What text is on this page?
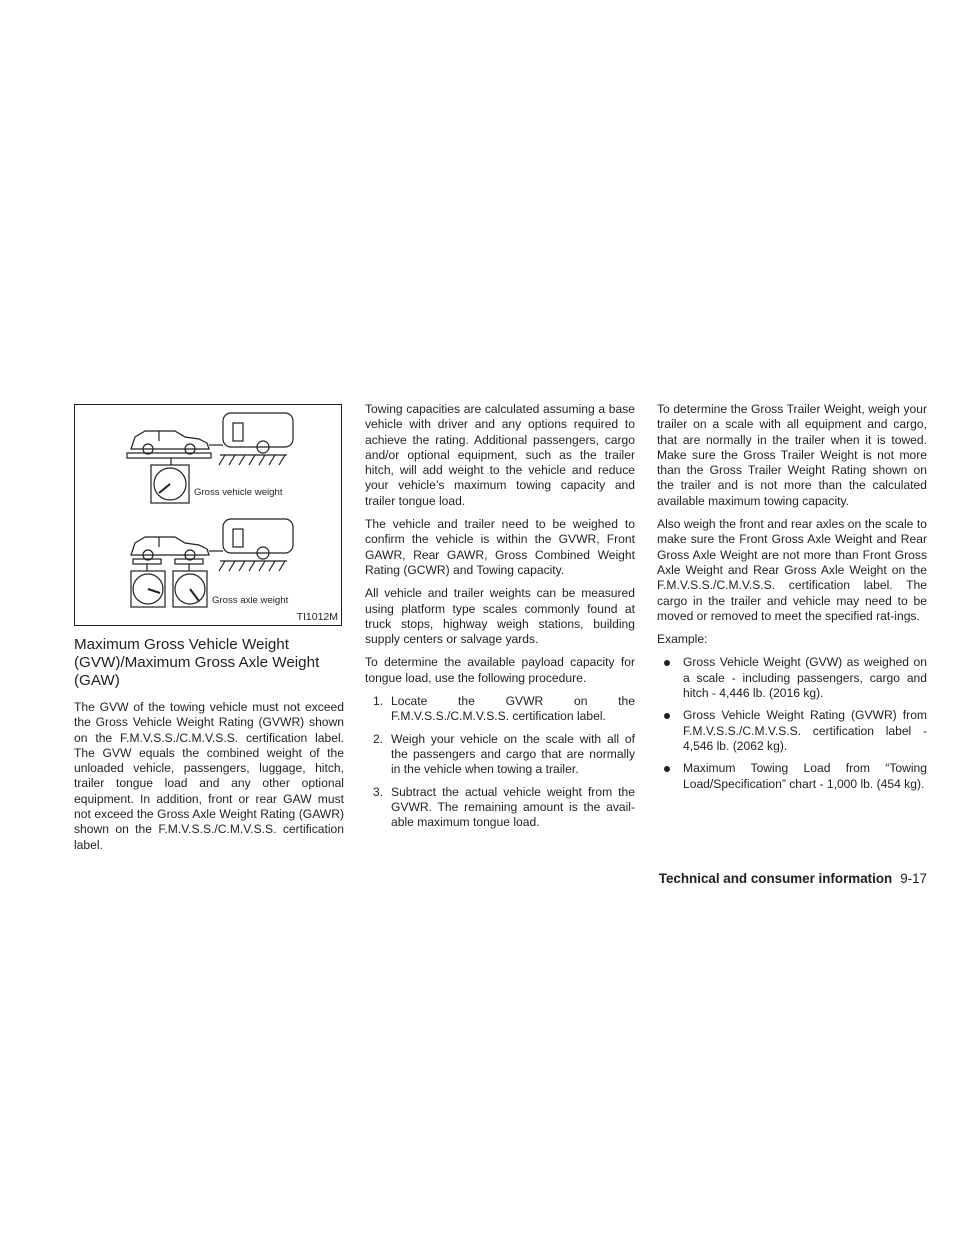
Gross vehicle weight
Gross axle weight
TI1012M
Maximum Gross Vehicle Weight (GVW)/Maximum Gross Axle Weight (GAW)

The GVW of the towing vehicle must not exceed the Gross Vehicle Weight Rating (GVWR) shown on the F.M.V.S.S./C.M.V.S.S. certification label. The GVW equals the combined weight of the unloaded vehicle, passengers, luggage, hitch, trailer tongue load and any other optional equipment. In addition, front or rear GAW must not exceed the Gross Axle Weight Rating (GAWR) shown on the F.M.V.S.S./C.M.V.S.S. certification label.

Towing capacities are calculated assuming a base vehicle with driver and any options required to achieve the rating. Additional passengers, cargo and/or optional equipment, such as the trailer hitch, will add weight to the vehicle and reduce your vehicle’s maximum towing capacity and trailer tongue load.

The vehicle and trailer need to be weighed to confirm the vehicle is within the GVWR, Front GAWR, Rear GAWR, Gross Combined Weight Rating (GCWR) and Towing capacity.

All vehicle and trailer weights can be measured using platform type scales commonly found at truck stops, highway weigh stations, building supply centers or salvage yards.

To determine the available payload capacity for tongue load, use the following procedure.

1. Locate the GVWR on the F.M.V.S.S./C.M.V.S.S. certification label.
2. Weigh your vehicle on the scale with all of the passengers and cargo that are normally in the vehicle when towing a trailer.
3. Subtract the actual vehicle weight from the GVWR. The remaining amount is the avail-able maximum tongue load.

To determine the Gross Trailer Weight, weigh your trailer on a scale with all equipment and cargo, that are normally in the trailer when it is towed. Make sure the Gross Trailer Weight is not more than the Gross Trailer Weight Rating shown on the trailer and is not more than the calculated available maximum towing capacity.

Also weigh the front and rear axles on the scale to make sure the Front Gross Axle Weight and Rear Gross Axle Weight are not more than Front Gross Axle Weight and Rear Gross Axle Weight on the F.M.V.S.S./C.M.V.S.S. certification label. The cargo in the trailer and vehicle may need to be moved or removed to meet the specified rat-ings.

Example:

Gross Vehicle Weight (GVW) as weighed on a scale - including passengers, cargo and hitch - 4,446 lb. (2016 kg).
Gross Vehicle Weight Rating (GVWR) from F.M.V.S.S./C.M.V.S.S. certification label - 4,546 lb. (2062 kg).
Maximum Towing Load from “Towing Load/Specification” chart - 1,000 lb. (454 kg).
Technical and consumer information 9-17
